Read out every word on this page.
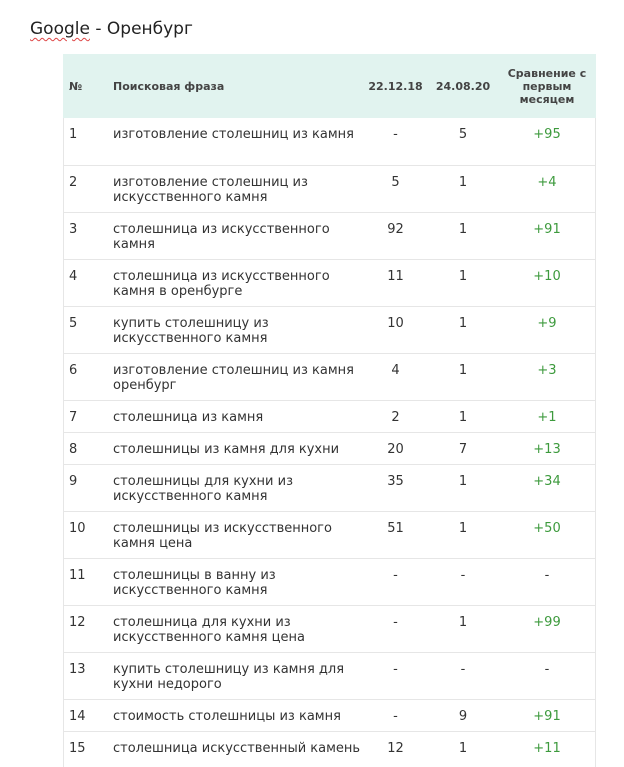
Google - Оренбург
№	Поисковая фраза	22.12.18	24.08.20	Сравнение с первым месяцем
1	изготовление столешниц из камня	-	5	+95
2	изготовление столешниц из искусственного камня	5	1	+4
3	столешница из искусственного камня	92	1	+91
4	столешница из искусственного камня в оренбурге	11	1	+10
5	купить столешницу из искусственного камня	10	1	+9
6	изготовление столешниц из камня оренбург	4	1	+3
7	столешница из камня	2	1	+1
8	столешницы из камня для кухни	20	7	+13
9	столешницы для кухни из искусственного камня	35	1	+34
10	столешницы из искусственного камня цена	51	1	+50
11	столешницы в ванну из искусственного камня	-	-	-
12	столешница для кухни из искусственного камня цена	-	1	+99
13	купить столешницу из камня для кухни недорого	-	-	-
14	стоимость столешницы из камня	-	9	+91
15	столешница искусственный камень	12	1	+11
